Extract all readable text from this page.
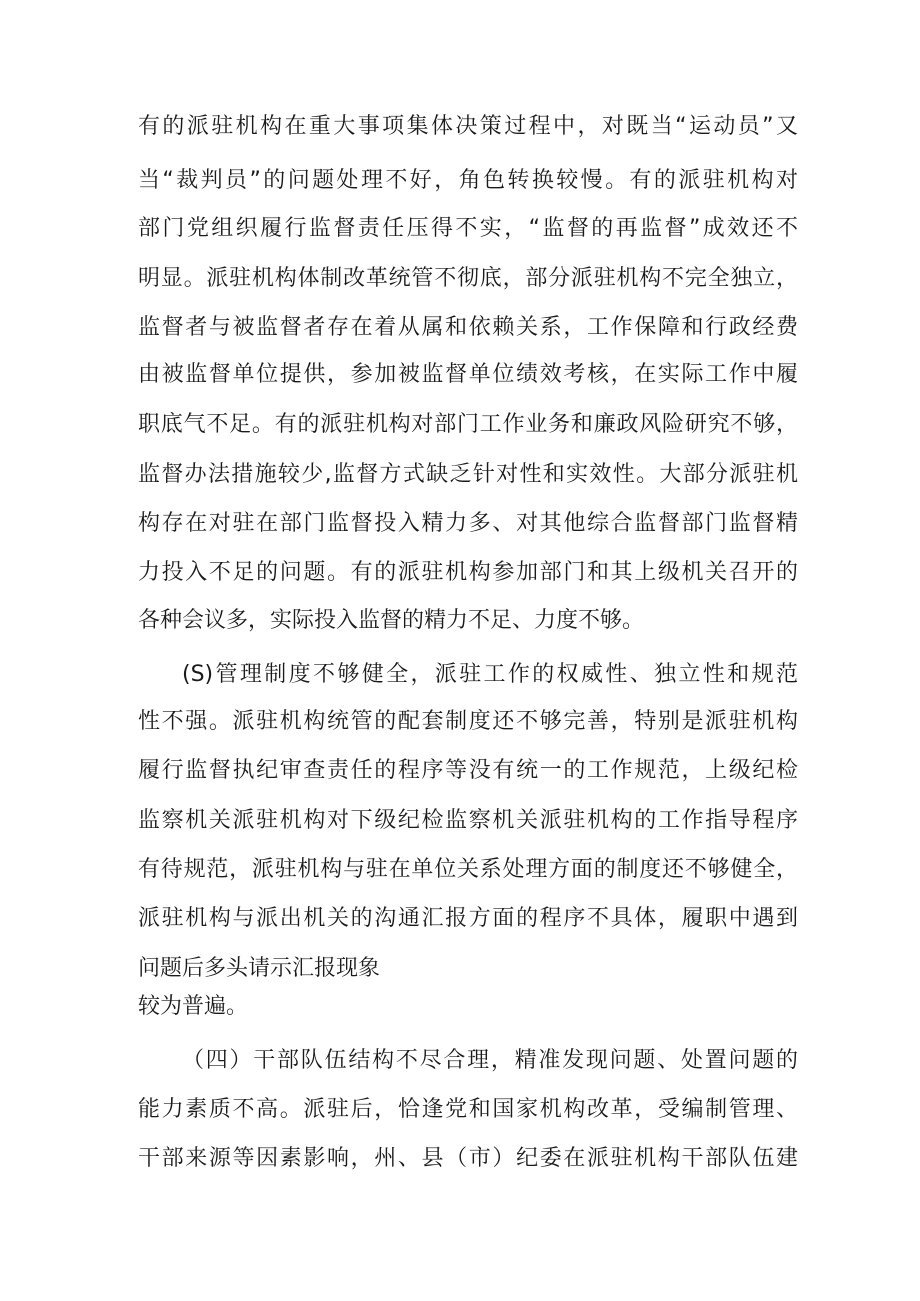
有的派驻机构在重大事项集体决策过程中，对既当“运动员”又
当“裁判员”的问题处理不好，角色转换较慢。有的派驻机构对
部门党组织履行监督责任压得不实，“监督的再监督”成效还不
明显。派驻机构体制改革统管不彻底，部分派驻机构不完全独立，
监督者与被监督者存在着从属和依赖关系，工作保障和行政经费
由被监督单位提供，参加被监督单位绩效考核，在实际工作中履
职底气不足。有的派驻机构对部门工作业务和廉政风险研究不够，
监督办法措施较少,监督方式缺乏针对性和实效性。大部分派驻机
构存在对驻在部门监督投入精力多、对其他综合监督部门监督精
力投入不足的问题。有的派驻机构参加部门和其上级机关召开的
各种会议多，实际投入监督的精力不足、力度不够。
(S)管理制度不够健全，派驻工作的权威性、独立性和规范
性不强。派驻机构统管的配套制度还不够完善，特别是派驻机构
履行监督执纪审查责任的程序等没有统一的工作规范，上级纪检
监察机关派驻机构对下级纪检监察机关派驻机构的工作指导程序
有待规范，派驻机构与驻在单位关系处理方面的制度还不够健全，
派驻机构与派出机关的沟通汇报方面的程序不具体，履职中遇到
问题后多头请示汇报现象
较为普遍。
（四）干部队伍结构不尽合理，精准发现问题、处置问题的
能力素质不高。派驻后，恰逢党和国家机构改革，受编制管理、
干部来源等因素影响，州、县（市）纪委在派驻机构干部队伍建
